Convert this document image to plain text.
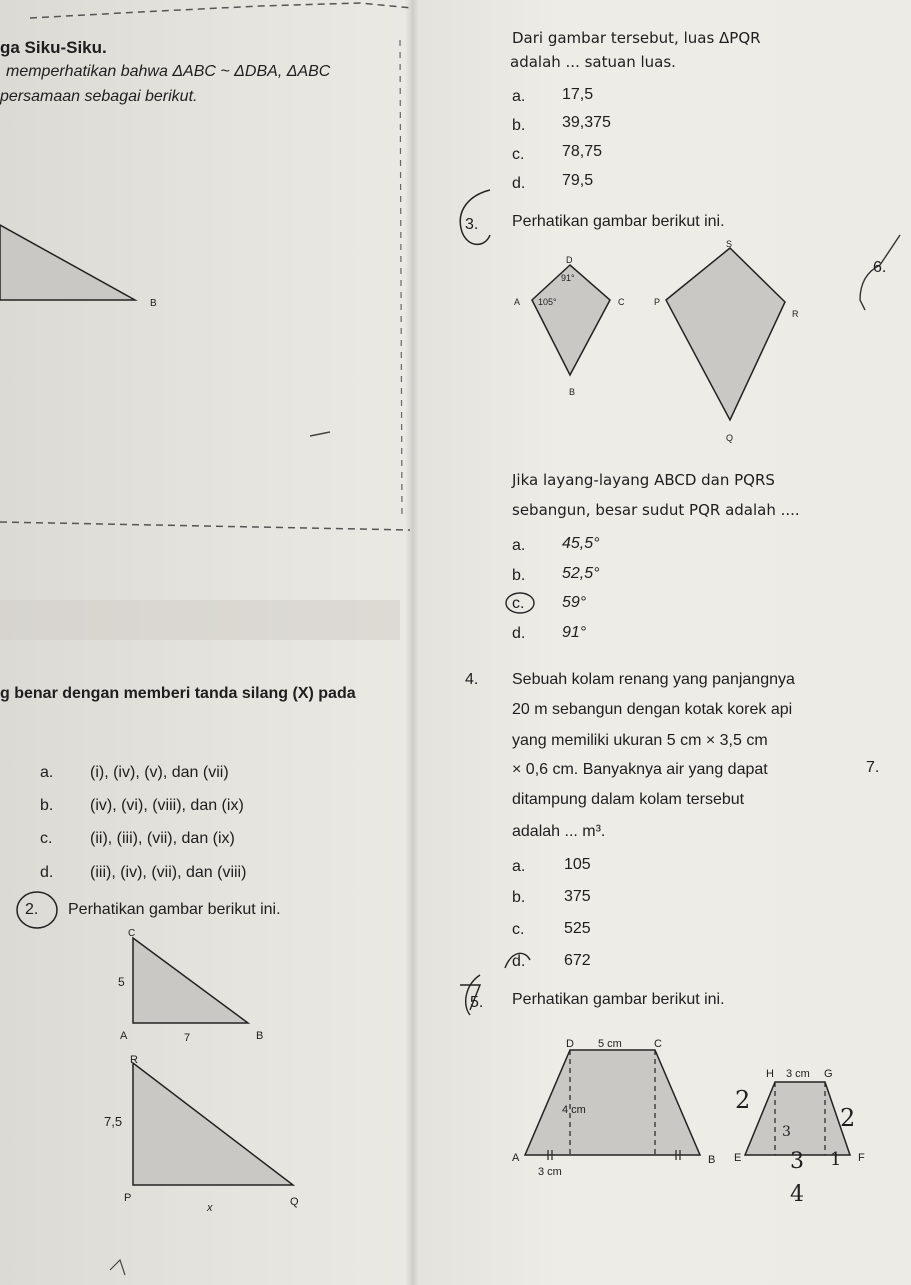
ga Siku-Siku.
memperhatikan bahwa ΔABC ~ ΔDBA, ΔABC
persamaan sebagai berikut.
B
g benar dengan memberi tanda silang (X) pada
a. (i), (iv), (v), dan (vii)
b. (iv), (vi), (viii), dan (ix)
c. (ii), (iii), (vii), dan (ix)
d. (iii), (iv), (vii), dan (viii)
2. Perhatikan gambar berikut ini.
C
5
A	7	B
R
7,5
P
x	Q
Dari gambar tersebut, luas ΔPQR
adalah ... satuan luas.
a. 17,5
b. 39,375
c. 78,75
d. 79,5
3. Perhatikan gambar berikut ini.
D
91°
A 105°	C
B
S
P
R
Q
Jika layang-layang ABCD dan PQRS
sebangun, besar sudut PQR adalah ....
a. 45,5°
b. 52,5°
c. 59°
d. 91°
6.
4. Sebuah kolam renang yang panjangnya
20 m sebangun dengan kotak korek api
yang memiliki ukuran 5 cm × 3,5 cm
× 0,6 cm. Banyaknya air yang dapat
ditampung dalam kolam tersebut
adalah ... m³.
7.
a. 105
b. 375
c. 525
d. 672
5. Perhatikan gambar berikut ini.
D 5 cm	C
4 cm
A	B
3 cm
H 3 cm G
E	F
2
3 2
3 1
4
